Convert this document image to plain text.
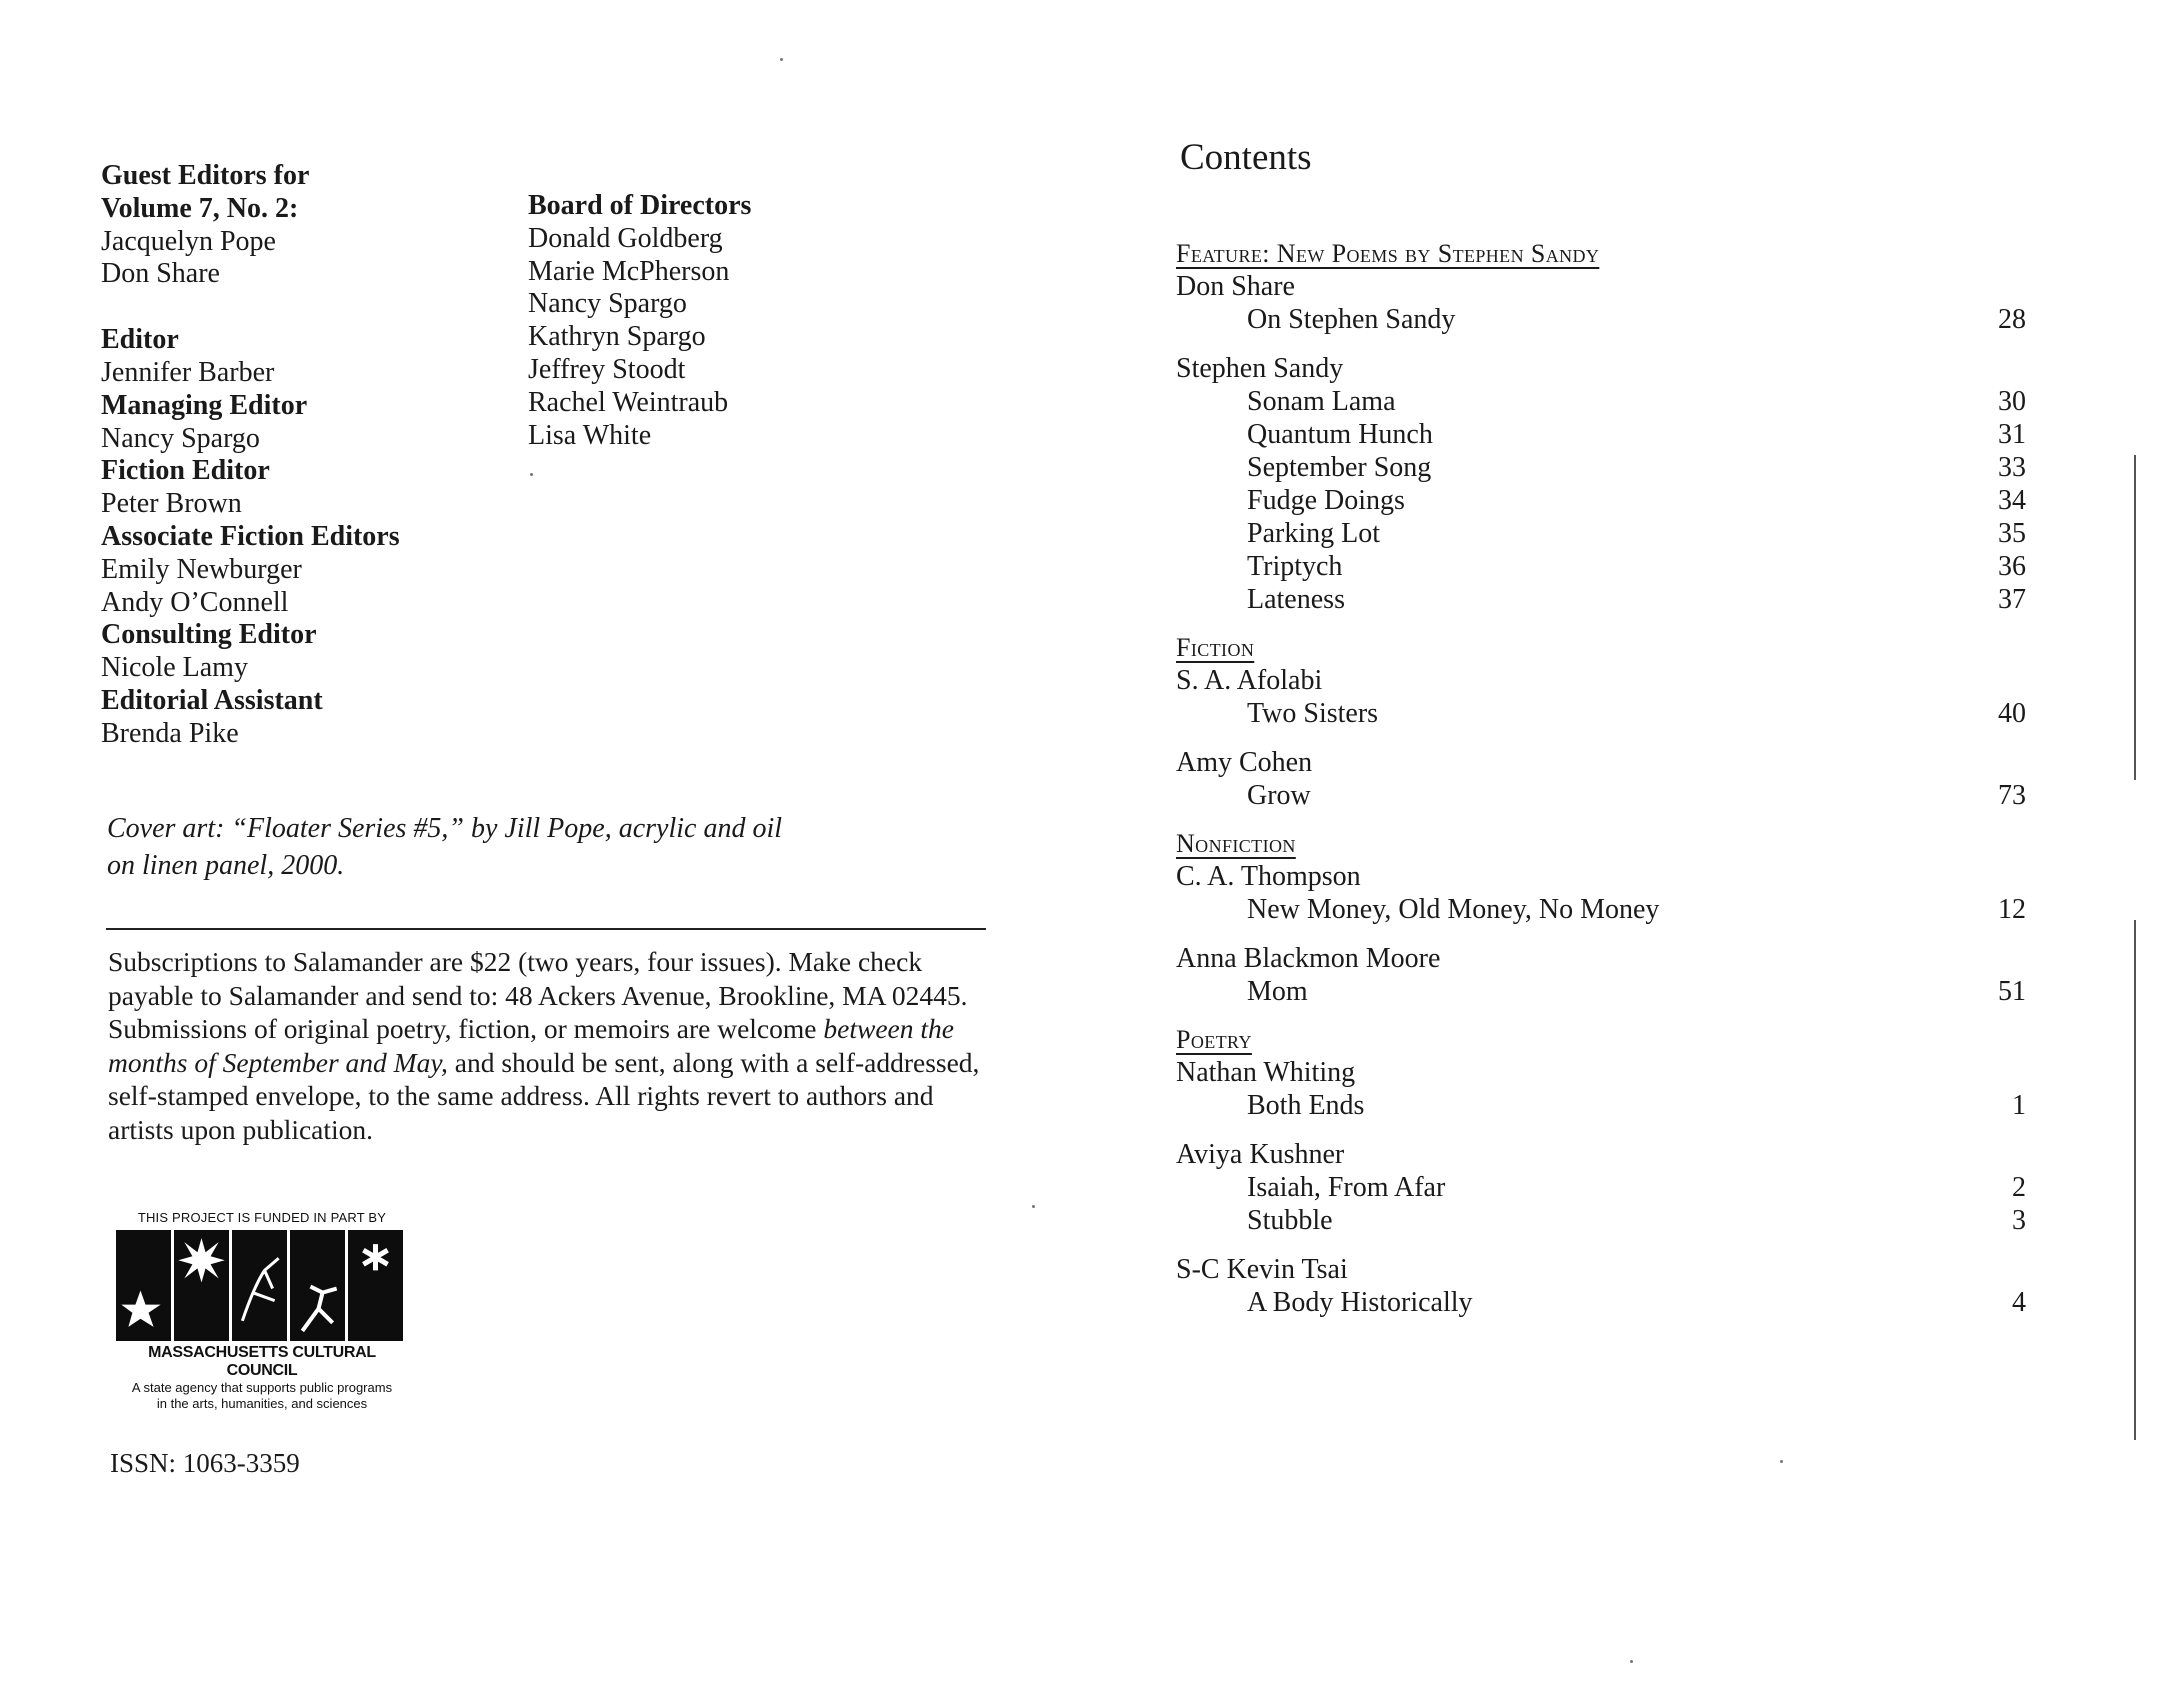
Guest Editors for
Volume 7, No. 2:
Jacquelyn Pope
Don Share
Editor
Jennifer Barber
Managing Editor
Nancy Spargo
Fiction Editor
Peter Brown
Associate Fiction Editors
Emily Newburger
Andy O’Connell
Consulting Editor
Nicole Lamy
Editorial Assistant
Brenda Pike
Board of Directors
Donald Goldberg
Marie McPherson
Nancy Spargo
Kathryn Spargo
Jeffrey Stoodt
Rachel Weintraub
Lisa White
Cover art: “Floater Series #5,” by Jill Pope, acrylic and oil
on linen panel, 2000.
Subscriptions to Salamander are $22 (two years, four issues). Make check payable to Salamander and send to: 48 Ackers Avenue, Brookline, MA 02445. Submissions of original poetry, fiction, or memoirs are welcome between the months of September and May, and should be sent, along with a self-addressed, self-stamped envelope, to the same address. All rights revert to authors and artists upon publication.
THIS PROJECT IS FUNDED IN PART BY
MASSACHUSETTS CULTURAL COUNCIL
A state agency that supports public programs
in the arts, humanities, and sciences
ISSN: 1063-3359
Contents
Feature: New Poems by Stephen Sandy
Don Share
On Stephen Sandy	28
Stephen Sandy
Sonam Lama	30
Quantum Hunch	31
September Song	33
Fudge Doings	34
Parking Lot	35
Triptych	36
Lateness	37
Fiction
S. A. Afolabi
Two Sisters	40
Amy Cohen
Grow	73
Nonfiction
C. A. Thompson
New Money, Old Money, No Money	12
Anna Blackmon Moore
Mom	51
Poetry
Nathan Whiting
Both Ends	1
Aviya Kushner
Isaiah, From Afar	2
Stubble	3
S-C Kevin Tsai
A Body Historically	4
